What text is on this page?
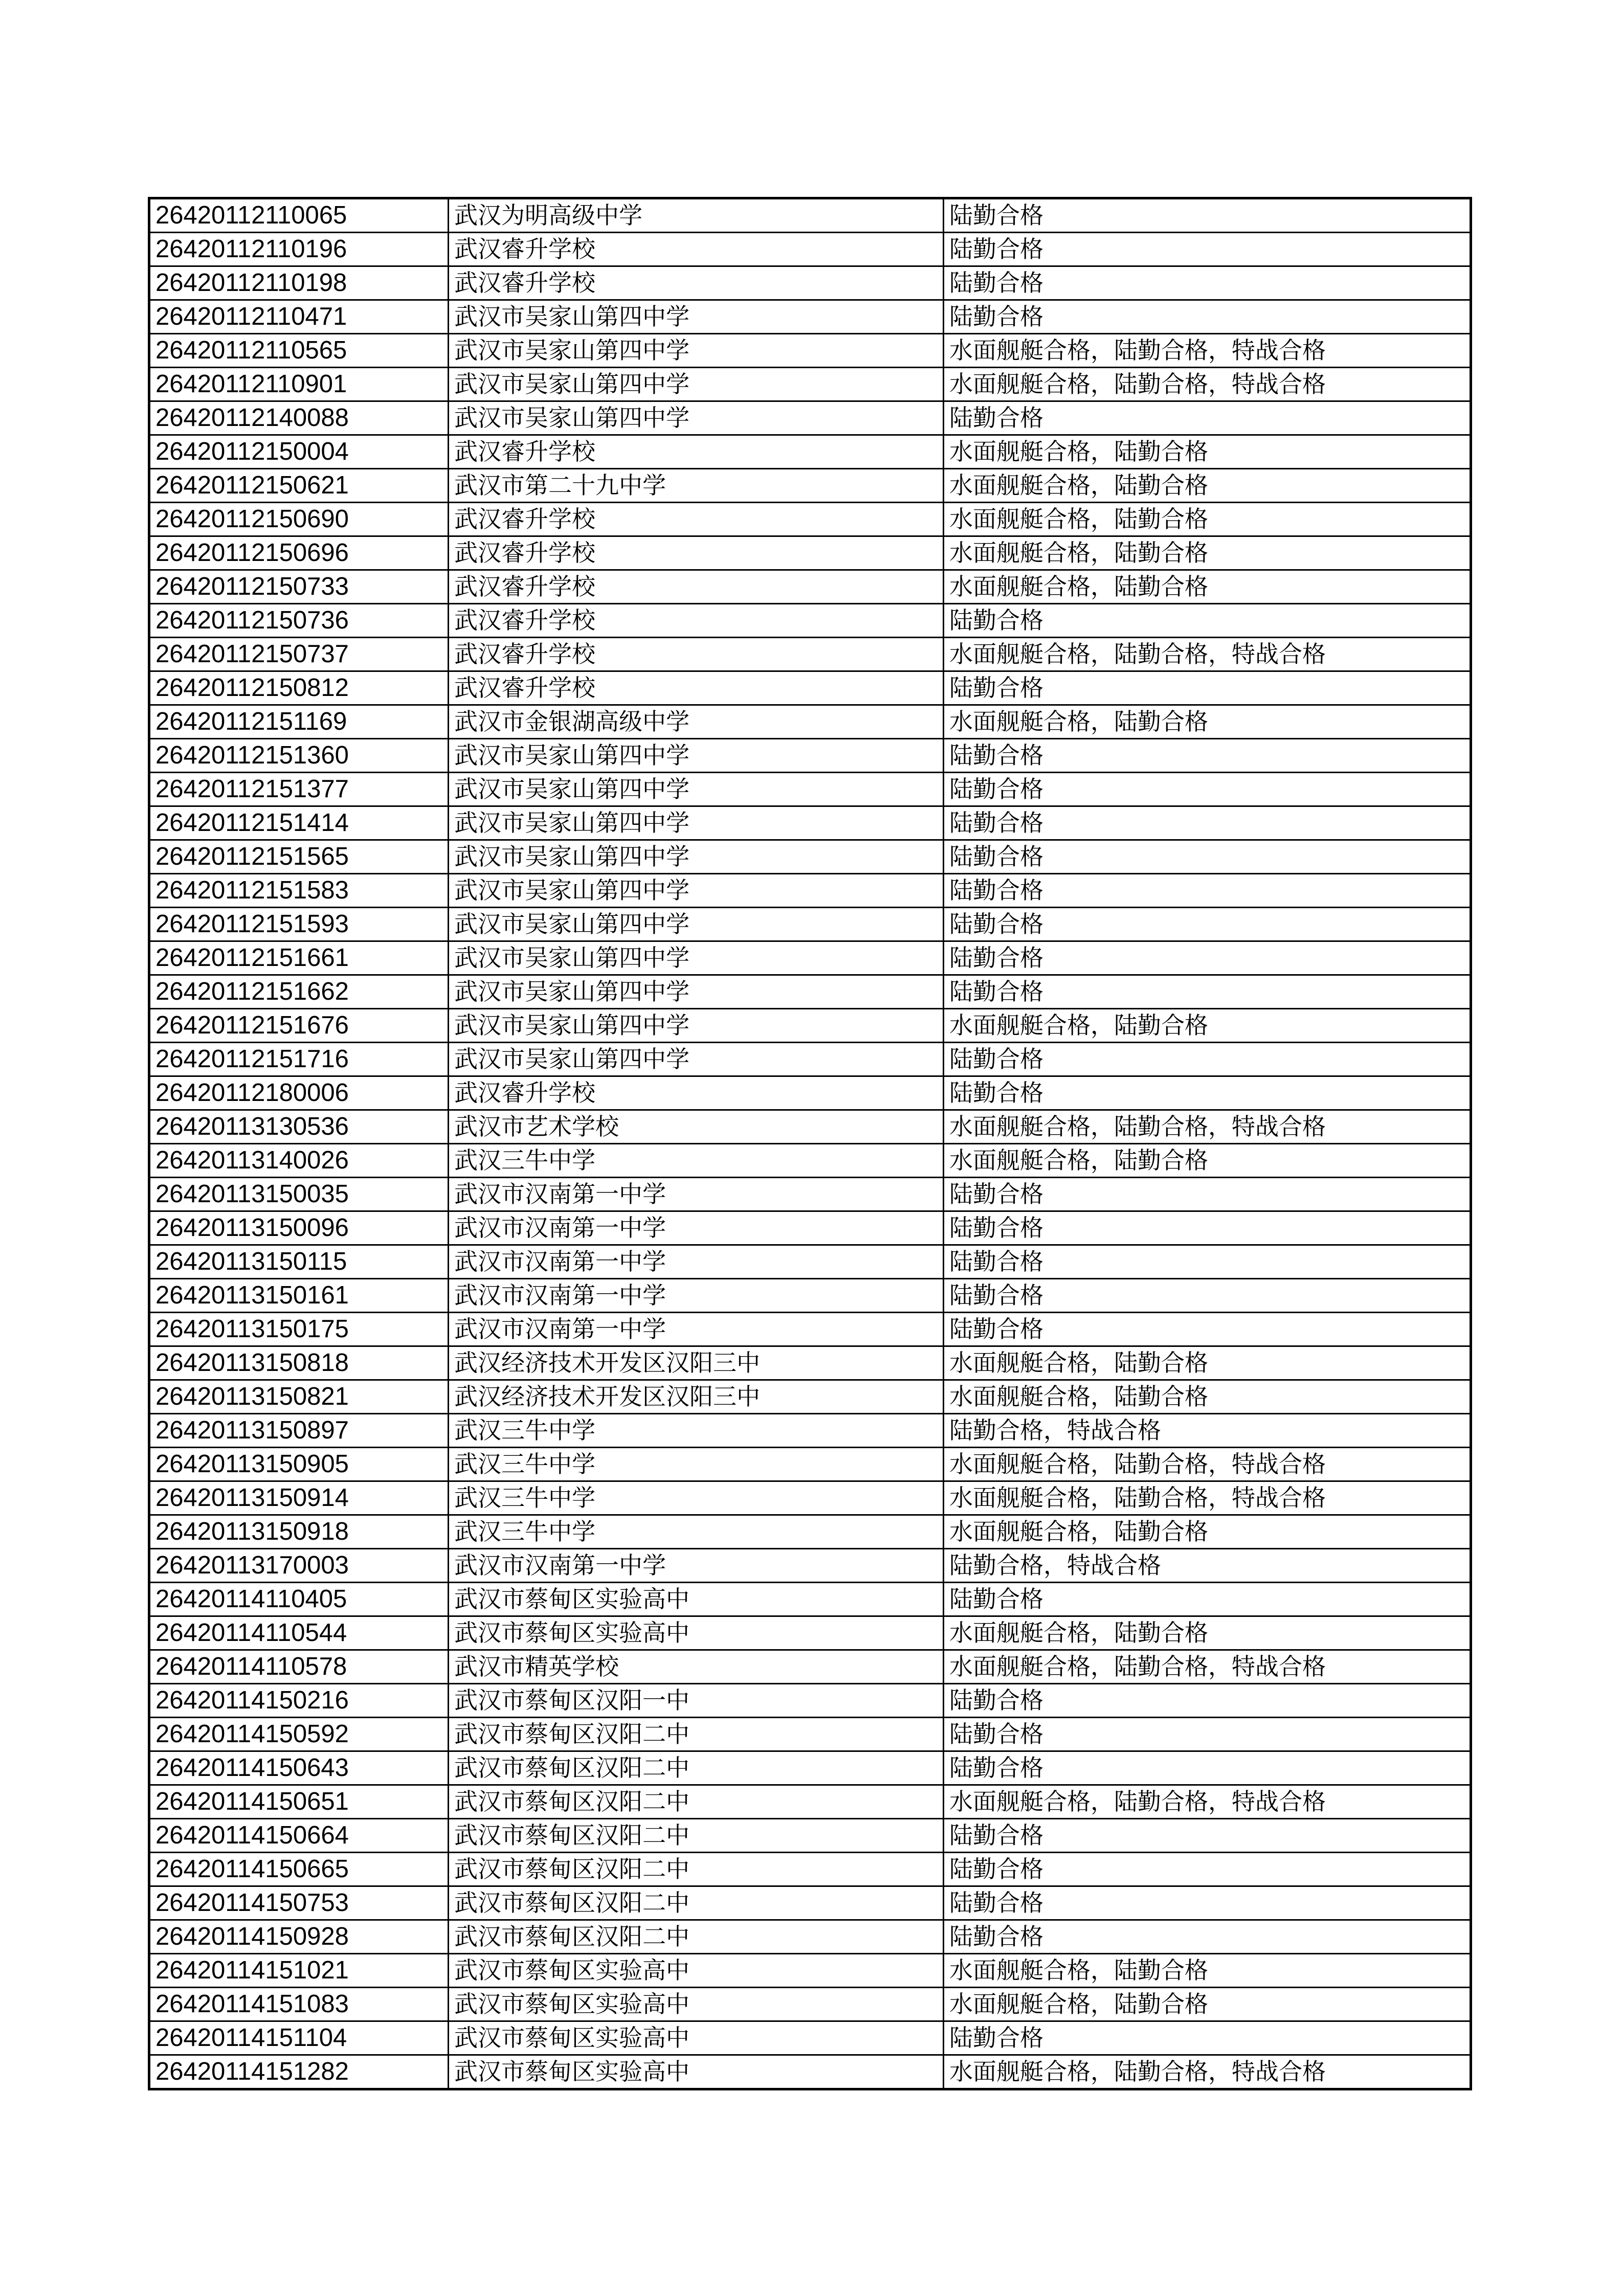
26420112110065	武汉为明高级中学	陆勤合格
26420112110196	武汉睿升学校	陆勤合格
26420112110198	武汉睿升学校	陆勤合格
26420112110471	武汉市吴家山第四中学	陆勤合格
26420112110565	武汉市吴家山第四中学	水面舰艇合格，陆勤合格，特战合格
26420112110901	武汉市吴家山第四中学	水面舰艇合格，陆勤合格，特战合格
26420112140088	武汉市吴家山第四中学	陆勤合格
26420112150004	武汉睿升学校	水面舰艇合格，陆勤合格
26420112150621	武汉市第二十九中学	水面舰艇合格，陆勤合格
26420112150690	武汉睿升学校	水面舰艇合格，陆勤合格
26420112150696	武汉睿升学校	水面舰艇合格，陆勤合格
26420112150733	武汉睿升学校	水面舰艇合格，陆勤合格
26420112150736	武汉睿升学校	陆勤合格
26420112150737	武汉睿升学校	水面舰艇合格，陆勤合格，特战合格
26420112150812	武汉睿升学校	陆勤合格
26420112151169	武汉市金银湖高级中学	水面舰艇合格，陆勤合格
26420112151360	武汉市吴家山第四中学	陆勤合格
26420112151377	武汉市吴家山第四中学	陆勤合格
26420112151414	武汉市吴家山第四中学	陆勤合格
26420112151565	武汉市吴家山第四中学	陆勤合格
26420112151583	武汉市吴家山第四中学	陆勤合格
26420112151593	武汉市吴家山第四中学	陆勤合格
26420112151661	武汉市吴家山第四中学	陆勤合格
26420112151662	武汉市吴家山第四中学	陆勤合格
26420112151676	武汉市吴家山第四中学	水面舰艇合格，陆勤合格
26420112151716	武汉市吴家山第四中学	陆勤合格
26420112180006	武汉睿升学校	陆勤合格
26420113130536	武汉市艺术学校	水面舰艇合格，陆勤合格，特战合格
26420113140026	武汉三牛中学	水面舰艇合格，陆勤合格
26420113150035	武汉市汉南第一中学	陆勤合格
26420113150096	武汉市汉南第一中学	陆勤合格
26420113150115	武汉市汉南第一中学	陆勤合格
26420113150161	武汉市汉南第一中学	陆勤合格
26420113150175	武汉市汉南第一中学	陆勤合格
26420113150818	武汉经济技术开发区汉阳三中	水面舰艇合格，陆勤合格
26420113150821	武汉经济技术开发区汉阳三中	水面舰艇合格，陆勤合格
26420113150897	武汉三牛中学	陆勤合格，特战合格
26420113150905	武汉三牛中学	水面舰艇合格，陆勤合格，特战合格
26420113150914	武汉三牛中学	水面舰艇合格，陆勤合格，特战合格
26420113150918	武汉三牛中学	水面舰艇合格，陆勤合格
26420113170003	武汉市汉南第一中学	陆勤合格，特战合格
26420114110405	武汉市蔡甸区实验高中	陆勤合格
26420114110544	武汉市蔡甸区实验高中	水面舰艇合格，陆勤合格
26420114110578	武汉市精英学校	水面舰艇合格，陆勤合格，特战合格
26420114150216	武汉市蔡甸区汉阳一中	陆勤合格
26420114150592	武汉市蔡甸区汉阳二中	陆勤合格
26420114150643	武汉市蔡甸区汉阳二中	陆勤合格
26420114150651	武汉市蔡甸区汉阳二中	水面舰艇合格，陆勤合格，特战合格
26420114150664	武汉市蔡甸区汉阳二中	陆勤合格
26420114150665	武汉市蔡甸区汉阳二中	陆勤合格
26420114150753	武汉市蔡甸区汉阳二中	陆勤合格
26420114150928	武汉市蔡甸区汉阳二中	陆勤合格
26420114151021	武汉市蔡甸区实验高中	水面舰艇合格，陆勤合格
26420114151083	武汉市蔡甸区实验高中	水面舰艇合格，陆勤合格
26420114151104	武汉市蔡甸区实验高中	陆勤合格
26420114151282	武汉市蔡甸区实验高中	水面舰艇合格，陆勤合格，特战合格
